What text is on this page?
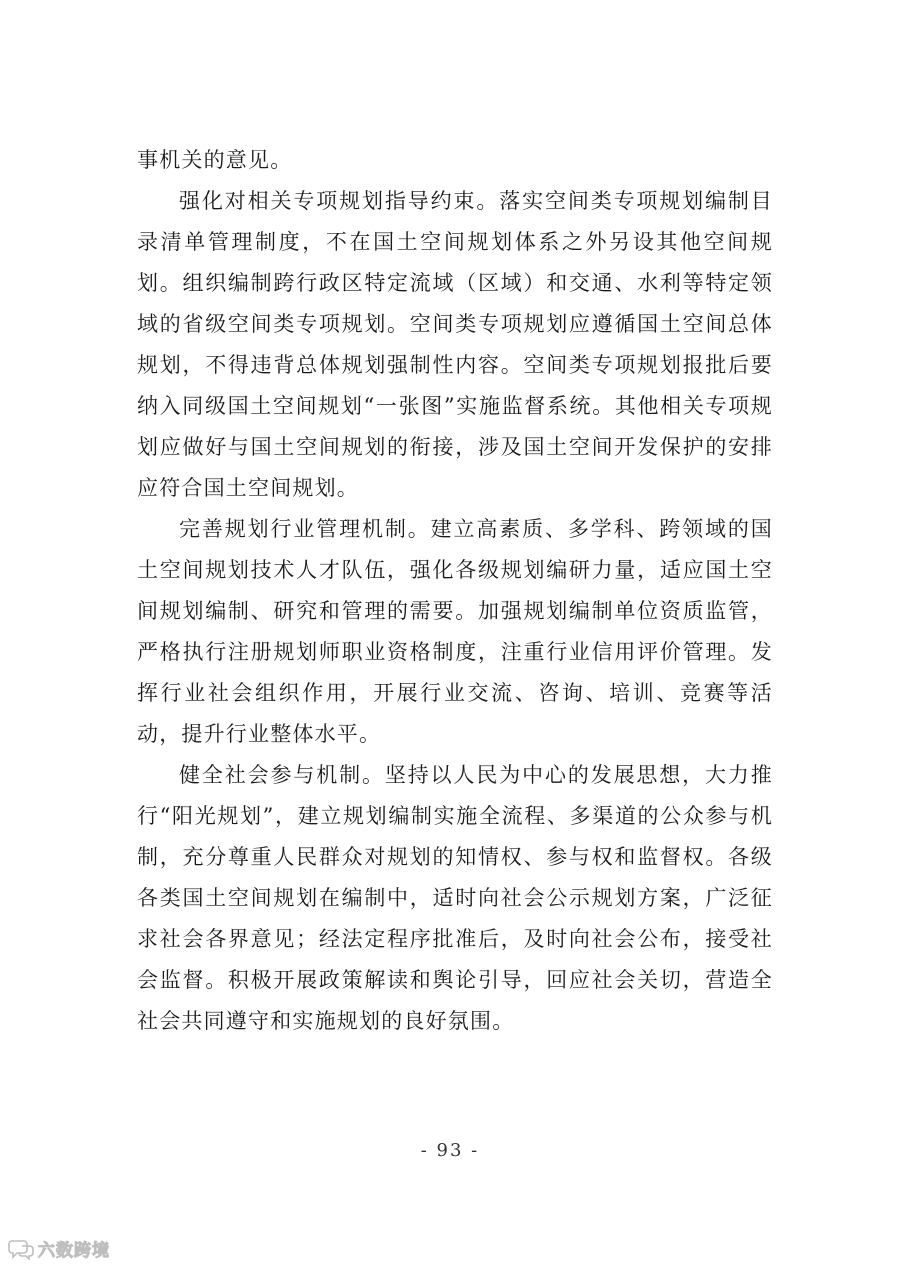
事机关的意见。

强化对相关专项规划指导约束。落实空间类专项规划编制目录清单管理制度，不在国土空间规划体系之外另设其他空间规划。组织编制跨行政区特定流域（区域）和交通、水利等特定领域的省级空间类专项规划。空间类专项规划应遵循国土空间总体规划，不得违背总体规划强制性内容。空间类专项规划报批后要纳入同级国土空间规划“一张图”实施监督系统。其他相关专项规划应做好与国土空间规划的衔接，涉及国土空间开发保护的安排应符合国土空间规划。

完善规划行业管理机制。建立高素质、多学科、跨领域的国土空间规划技术人才队伍，强化各级规划编研力量，适应国土空间规划编制、研究和管理的需要。加强规划编制单位资质监管，严格执行注册规划师职业资格制度，注重行业信用评价管理。发挥行业社会组织作用，开展行业交流、咨询、培训、竞赛等活动，提升行业整体水平。

健全社会参与机制。坚持以人民为中心的发展思想，大力推行“阳光规划”，建立规划编制实施全流程、多渠道的公众参与机制，充分尊重人民群众对规划的知情权、参与权和监督权。各级各类国土空间规划在编制中，适时向社会公示规划方案，广泛征求社会各界意见；经法定程序批准后，及时向社会公布，接受社会监督。积极开展政策解读和舆论引导，回应社会关切，营造全社会共同遵守和实施规划的良好氛围。

- 93 -
六数跨境
